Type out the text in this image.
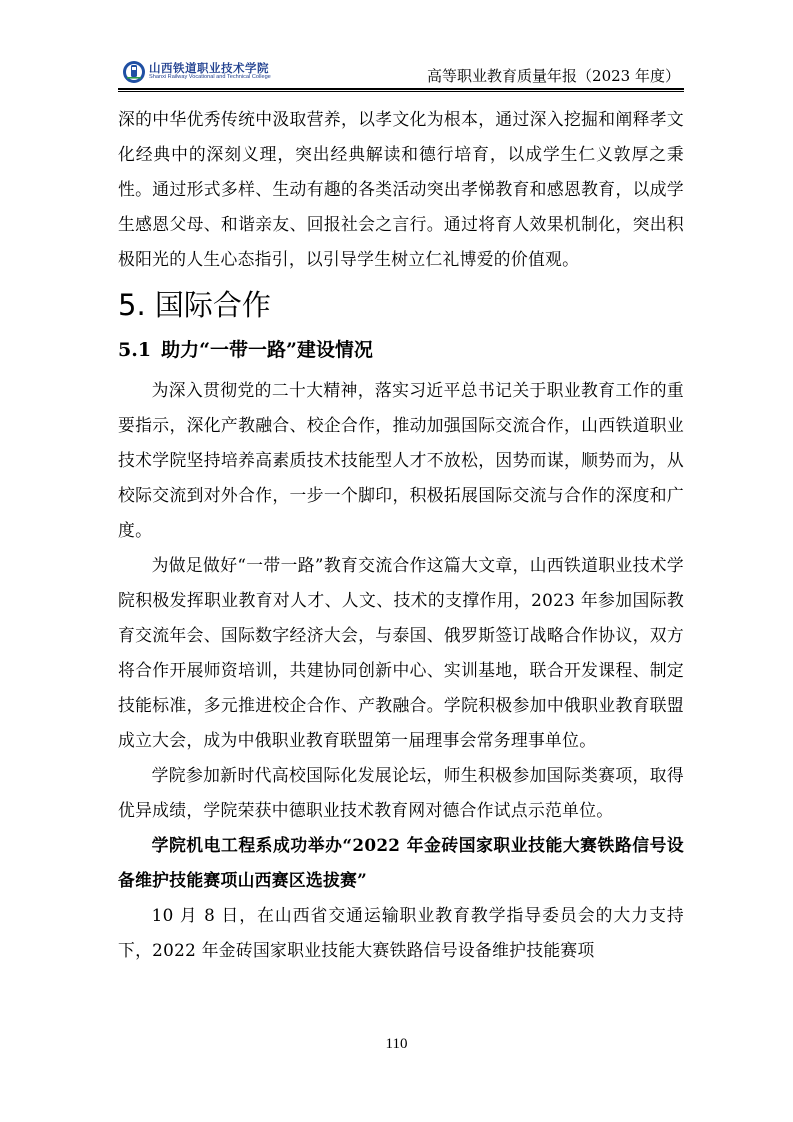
山西铁道职业技术学院
Shanxi Railway Vocational and Technical College	高等职业教育质量年报（2023 年度）

深的中华优秀传统中汲取营养，以孝文化为根本，通过深入挖掘和阐释孝文化经典中的深刻义理，突出经典解读和德行培育，以成学生仁义敦厚之秉性。通过形式多样、生动有趣的各类活动突出孝悌教育和感恩教育，以成学生感恩父母、和谐亲友、回报社会之言行。通过将育人效果机制化，突出积极阳光的人生心态指引，以引导学生树立仁礼博爱的价值观。

5. 国际合作
5.1 助力“一带一路”建设情况

为深入贯彻党的二十大精神，落实习近平总书记关于职业教育工作的重要指示，深化产教融合、校企合作，推动加强国际交流合作，山西铁道职业技术学院坚持培养高素质技术技能型人才不放松，因势而谋，顺势而为，从校际交流到对外合作，一步一个脚印，积极拓展国际交流与合作的深度和广度。

为做足做好“一带一路”教育交流合作这篇大文章，山西铁道职业技术学院积极发挥职业教育对人才、人文、技术的支撑作用，2023 年参加国际教育交流年会、国际数字经济大会，与泰国、俄罗斯签订战略合作协议，双方将合作开展师资培训，共建协同创新中心、实训基地，联合开发课程、制定技能标准，多元推进校企合作、产教融合。学院积极参加中俄职业教育联盟成立大会，成为中俄职业教育联盟第一届理事会常务理事单位。

学院参加新时代高校国际化发展论坛，师生积极参加国际类赛项，取得优异成绩，学院荣获中德职业技术教育网对德合作试点示范单位。

学院机电工程系成功举办“2022 年金砖国家职业技能大赛铁路信号设备维护技能赛项山西赛区选拔赛”

10 月 8 日，在山西省交通运输职业教育教学指导委员会的大力支持下，2022 年金砖国家职业技能大赛铁路信号设备维护技能赛项

110
